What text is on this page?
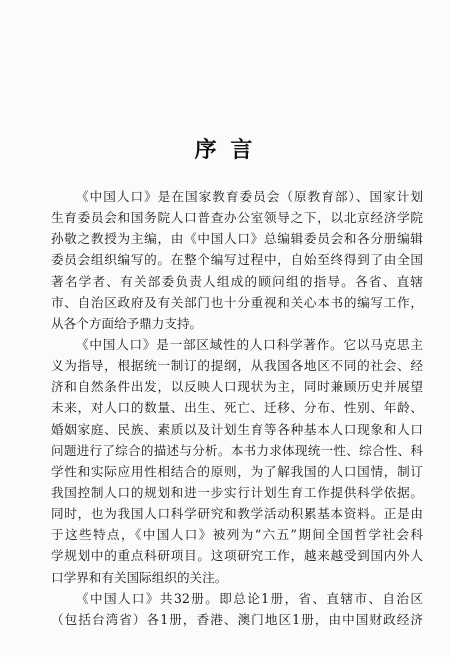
序 言
《中国人口》是在国家教育委员会（原教育部）、国家计划
生育委员会和国务院人口普查办公室领导之下，以北京经济学院
孙敬之教授为主编，由《中国人口》总编辑委员会和各分册编辑
委员会组织编写的。在整个编写过程中，自始至终得到了由全国
著名学者、有关部委负责人组成的顾问组的指导。各省、直辖
市、自治区政府及有关部门也十分重视和关心本书的编写工作，
从各个方面给予鼎力支持。
《中国人口》是一部区域性的人口科学著作。它以马克思主
义为指导，根据统一制订的提纲，从我国各地区不同的社会、经
济和自然条件出发，以反映人口现状为主，同时兼顾历史并展望
未来，对人口的数量、出生、死亡、迁移、分布、性别、年龄、
婚姻家庭、民族、素质以及计划生育等各种基本人口现象和人口
问题进行了综合的描述与分析。本书力求体现统一性、综合性、科
学性和实际应用性相结合的原则，为了解我国的人口国情，制订
我国控制人口的规划和进一步实行计划生育工作提供科学依据。
同时，也为我国人口科学研究和教学活动积累基本资料。正是由
于这些特点，《中国人口》被列为“六五”期间全国哲学社会科
学规划中的重点科研项目。这项研究工作，越来越受到国内外人
口学界和有关国际组织的关注。
《中国人口》共32册。即总论1册，省、直辖市、自治区
（包括台湾省）各1册，香港、澳门地区1册，由中国财政经济
